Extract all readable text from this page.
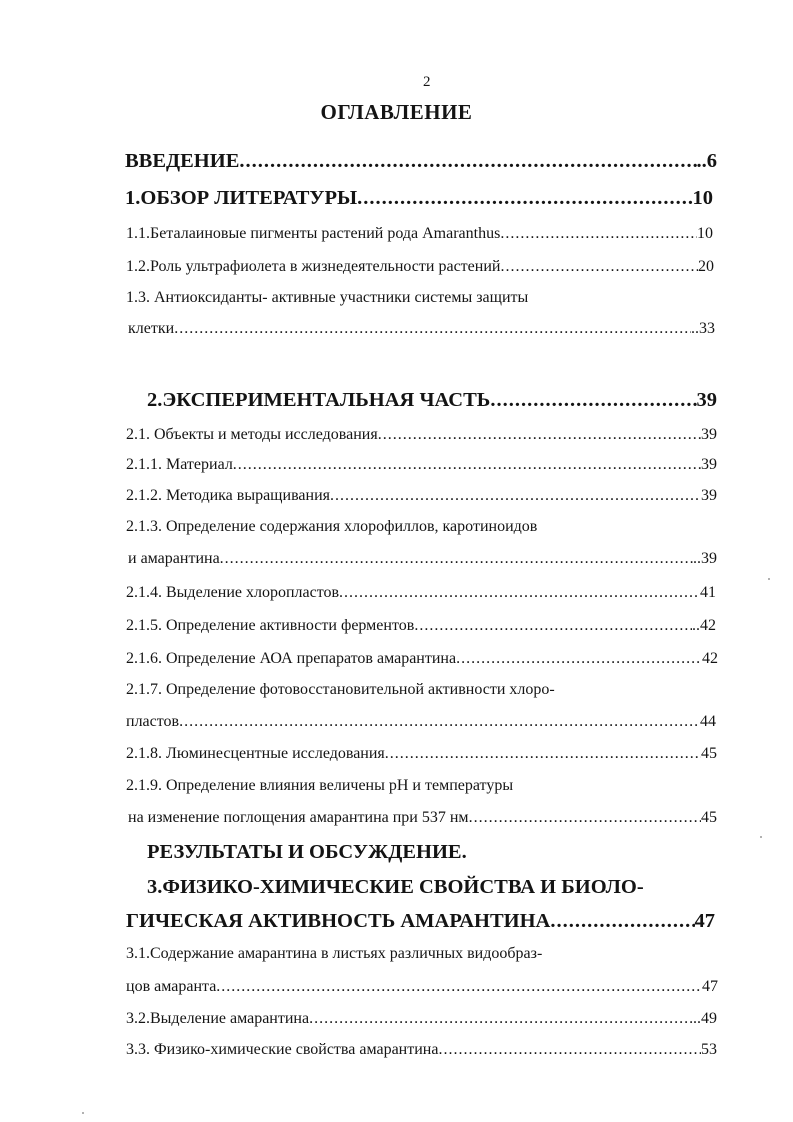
2
ОГЛАВЛЕНИЕ
ВВЕДЕНИЕ .....	..6
1.ОБЗОР ЛИТЕРАТУРЫ .....	10
1.1.Беталаиновые пигменты растений рода Amaranthus .....	10
1.2.Роль ультрафиолета в жизнедеятельности растений .....	20
1.3. Антиоксиданты- активные участники системы защиты
клетки .....	..33
2.ЭКСПЕРИМЕНТАЛЬНАЯ ЧАСТЬ .....	39
2.1. Объекты и методы исследования .....	39
2.1.1. Материал .....	39
2.1.2. Методика выращивания .....	39
2.1.3. Определение содержания хлорофиллов, каротиноидов
и амарантина .....	..39
2.1.4. Выделение хлоропластов .....	41
2.1.5. Определение активности ферментов .....	..42
2.1.6. Определение АОА препаратов амарантина .....	42
2.1.7. Определение фотовосстановительной активности хлоро-
пластов .....	44
2.1.8. Люминесцентные исследования .....	45
2.1.9. Определение влияния величены рН и температуры
на изменение поглощения амарантина при 537 нм .....	45
РЕЗУЛЬТАТЫ И ОБСУЖДЕНИЕ.
3.ФИЗИКО-ХИМИЧЕСКИЕ СВОЙСТВА И БИОЛО-
ГИЧЕСКАЯ АКТИВНОСТЬ АМАРАНТИНА .....	47
3.1.Содержание амарантина в листьях различных видообраз-
цов амаранта .....	47
3.2.Выделение амарантина .....	..49
3.3. Физико-химические свойства амарантина .....	53
